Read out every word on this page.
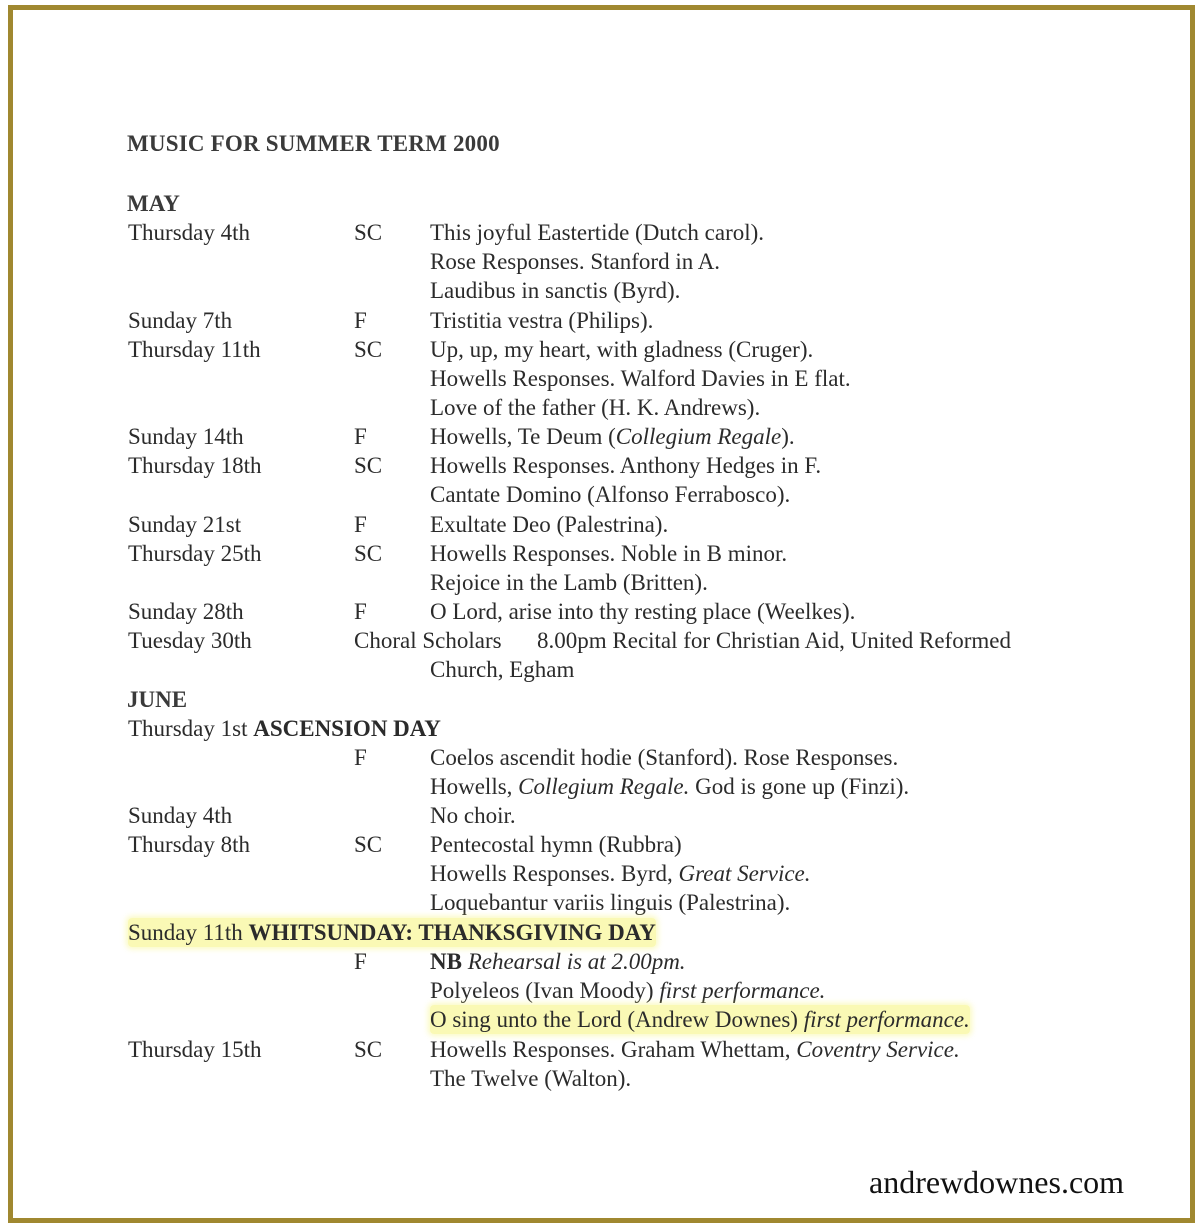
MUSIC FOR SUMMER TERM 2000
MAY
Thursday 4th	SC This joyful Eastertide (Dutch carol).
Rose Responses. Stanford in A.
Laudibus in sanctis (Byrd).
Sunday 7th	F	Tristitia vestra (Philips).
Thursday 11th	SC Up, up, my heart, with gladness (Cruger).
Howells Responses. Walford Davies in E flat.
Love of the father (H. K. Andrews).
Sunday 14th	F	Howells, Te Deum (Collegium Regale).
Thursday 18th	SC Howells Responses. Anthony Hedges in F.
Cantate Domino (Alfonso Ferrabosco).
Sunday 21st	F	Exultate Deo (Palestrina).
Thursday 25th	SC Howells Responses. Noble in B minor.
Rejoice in the Lamb (Britten).
Sunday 28th	F	O Lord, arise into thy resting place (Weelkes).
Tuesday 30th	Choral Scholars 8.00pm Recital for Christian Aid, United Reformed
Church, Egham
JUNE
Thursday 1st ASCENSION DAY
F	Coelos ascendit hodie (Stanford). Rose Responses.
Howells, Collegium Regale. God is gone up (Finzi).
Sunday 4th	No choir.
Thursday 8th	SC Pentecostal hymn (Rubbra)
Howells Responses. Byrd, Great Service.
Loquebantur variis linguis (Palestrina).
Sunday 11th WHITSUNDAY: THANKSGIVING DAY
F	NB Rehearsal is at 2.00pm.
Polyeleos (Ivan Moody) first performance.
O sing unto the Lord (Andrew Downes) first performance.
Thursday 15th	SC Howells Responses. Graham Whettam, Coventry Service.
The Twelve (Walton).
andrewdownes.com
